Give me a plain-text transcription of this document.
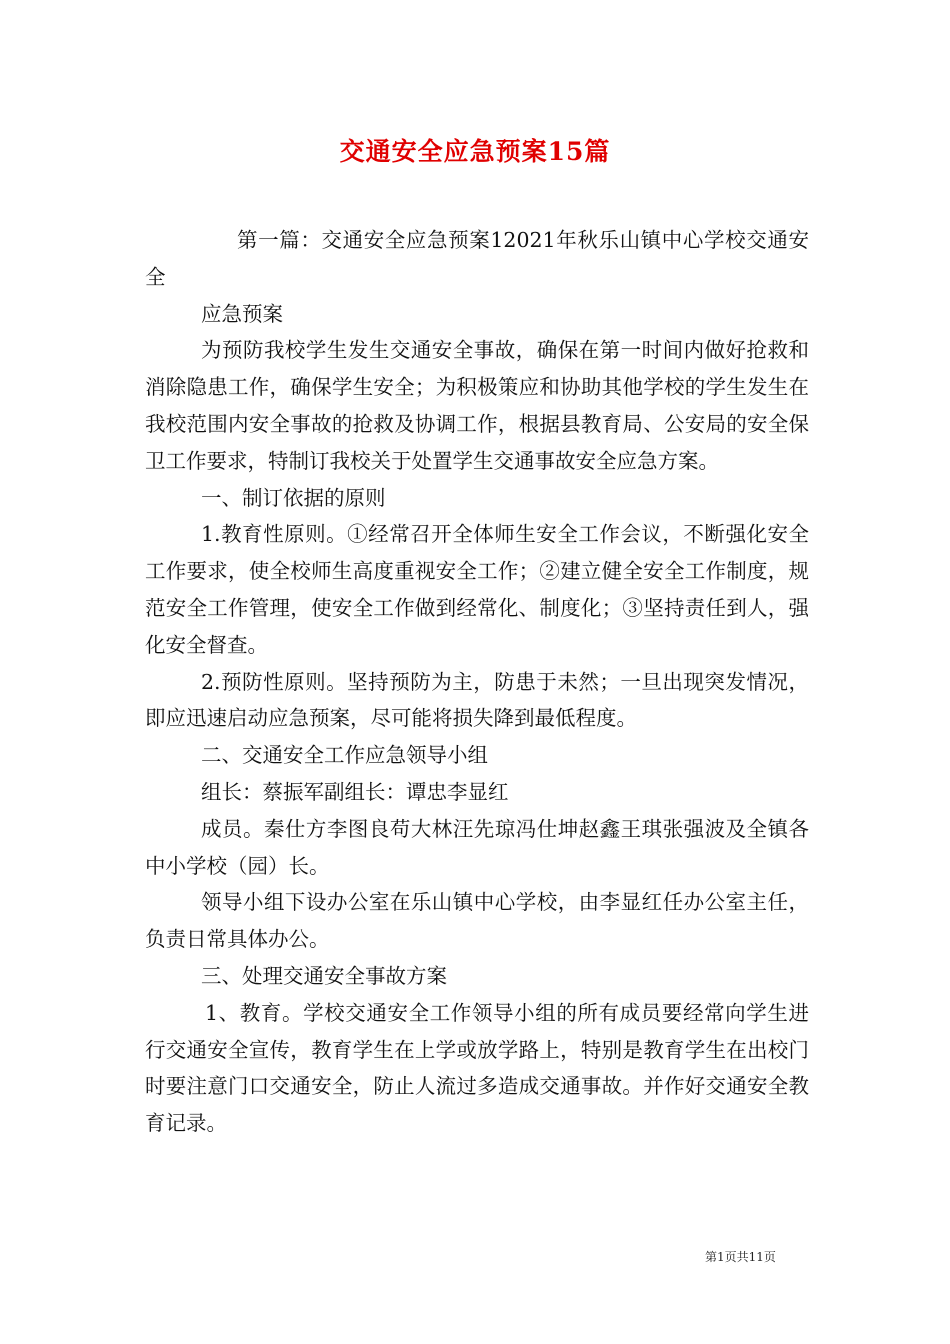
交通安全应急预案15篇

第一篇：交通安全应急预案12021年秋乐山镇中心学校交通安全

应急预案

为预防我校学生发生交通安全事故，确保在第一时间内做好抢救和消除隐患工作，确保学生安全；为积极策应和协助其他学校的学生发生在我校范围内安全事故的抢救及协调工作，根据县教育局、公安局的安全保卫工作要求，特制订我校关于处置学生交通事故安全应急方案。

一、制订依据的原则

1.教育性原则。①经常召开全体师生安全工作会议，不断强化安全工作要求，使全校师生高度重视安全工作；②建立健全安全工作制度，规范安全工作管理，使安全工作做到经常化、制度化；③坚持责任到人，强化安全督查。

2.预防性原则。坚持预防为主，防患于未然；一旦出现突发情况，即应迅速启动应急预案，尽可能将损失降到最低程度。

二、交通安全工作应急领导小组

组长：蔡振军副组长：谭忠李显红

成员。秦仕方李图良苟大林汪先琼冯仕坤赵鑫王琪张强波及全镇各中小学校（园）长。

领导小组下设办公室在乐山镇中心学校，由李显红任办公室主任，负责日常具体办公。

三、处理交通安全事故方案

1、教育。学校交通安全工作领导小组的所有成员要经常向学生进行交通安全宣传，教育学生在上学或放学路上，特别是教育学生在出校门时要注意门口交通安全，防止人流过多造成交通事故。并作好交通安全教育记录。

第1页共11页
